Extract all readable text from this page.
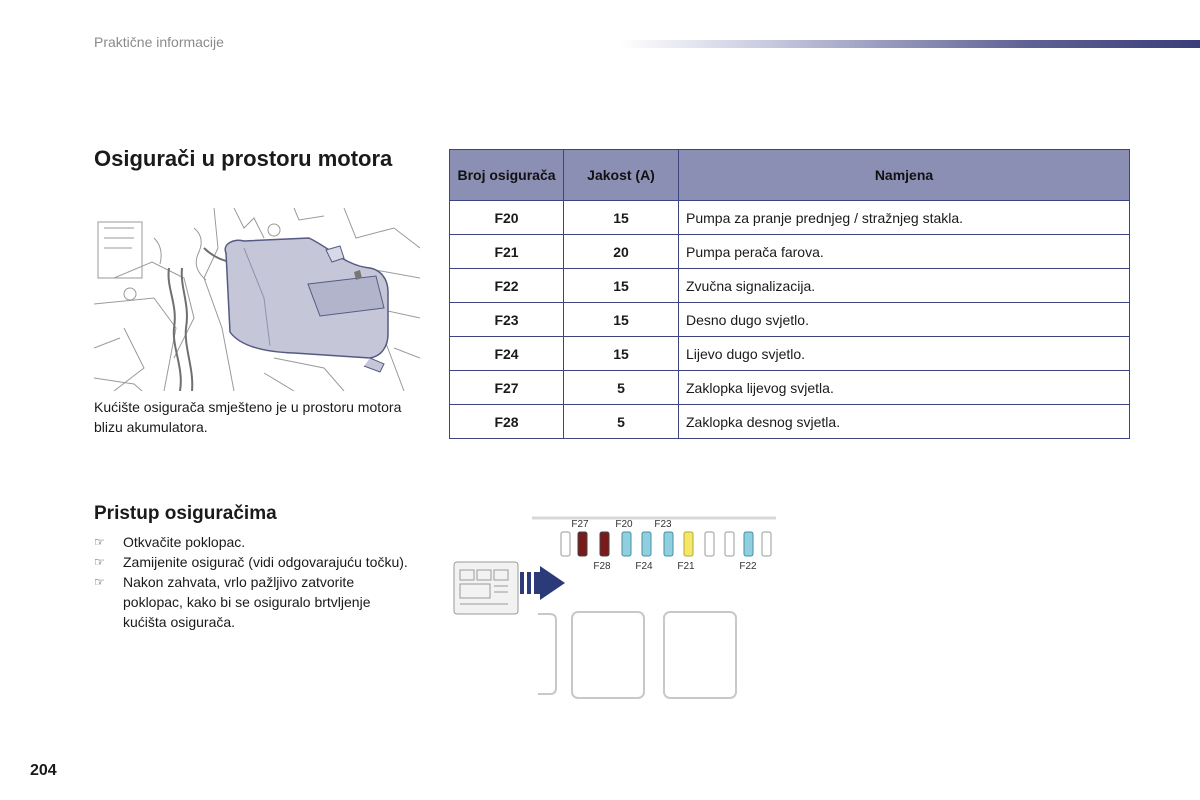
Praktične informacije
Osigurači u prostoru motora
Kućište osigurača smješteno je u prostoru motora blizu akumulatora.
Broj osigurača	Jakost (A)	Namjena
F20	15	Pumpa za pranje prednjeg / stražnjeg stakla.
F21	20	Pumpa perača farova.
F22	15	Zvučna signalizacija.
F23	15	Desno dugo svjetlo.
F24	15	Lijevo dugo svjetlo.
F27	5	Zaklopka lijevog svjetla.
F28	5	Zaklopka desnog svjetla.
Pristup osiguračima
☞ Otkvačite poklopac.
☞ Zamijenite osigurač (vidi odgovarajuću točku).
☞ Nakon zahvata, vrlo pažljivo zatvorite poklopac, kako bi se osiguralo brtvljenje kućišta osigurača.
F27	F20 F23
F28 F24 F21	F22
204
